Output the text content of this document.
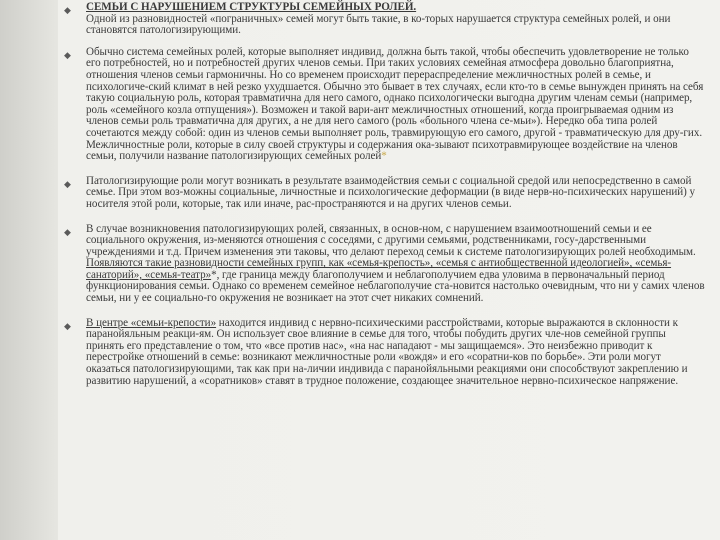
◆ СЕМЬИ С НАРУШЕНИЕМ СТРУКТУРЫ СЕМЕЙНЫХ РОЛЕЙ.
Одной из разновидностей «пограничных» семей могут быть такие, в ко-торых нарушается структура семейных ролей, и они становятся патологизирующими.

◆ Обычно система семейных ролей, которые выполняет индивид, должна быть такой, чтобы обеспечить удовлетворение не только его потребностей, но и потребностей других членов семьи. При таких условиях семейная атмосфера довольно благоприятна, отношения членов семьи гармоничны. Но со временем происходит перераспределение межличностных ролей в семье, и психологиче-ский климат в ней резко ухудшается. Обычно это бывает в тех случаях, если кто-то в семье вынужден принять на себя такую социальную роль, которая травматична для него самого, однако психологически выгодна другим членам семьи (например, роль «семейного козла отпущения»). Возможен и такой вари-ант межличностных отношений, когда проигрываемая одним из членов семьи роль травматична для других, а не для него самого (роль «больного члена се-мьи»). Нередко оба типа ролей сочетаются между собой: один из членов семьи выполняет роль, травмирующую его самого, другой - травматическую для дру-гих. Межличностные роли, которые в силу своей структуры и содержания ока-зывают психотравмирующее воздействие на членов семьи, получили название патологизирующих семейных ролей*

◆ Патологизирующие роли могут возникать в результате взаимодействия семьи с социальной средой или непосредственно в самой семье. При этом воз-можны социальные, личностные и психологические деформации (в виде нерв-но-психических нарушений) у носителя этой роли, которые, так или иначе, рас-пространяются и на других членов семьи.

◆ В случае возникновения патологизирующих ролей, связанных, в основ-ном, с нарушением взаимоотношений семьи и ее социального окружения, из-меняются отношения с соседями, с другими семьями, родственниками, госу-дарственными учреждениями и т.д. Причем изменения эти таковы, что делают переход семьи к системе патологизирующих ролей необходимым. Появляются такие разновидности семейных групп, как «семья-крепость», «семья с антиобщественной идеологией», «семья-санаторий», «семья-театр»*, где граница между благополучием и неблагополучием едва уловима в первоначальный период функционирования семьи. Однако со временем семейное неблагополучие ста-новится настолько очевидным, что ни у самих членов семьи, ни у ее социально-го окружения не возникает на этот счет никаких сомнений.

◆ В центре «семьи-крепости» находится индивид с нервно-психическими расстройствами, которые выражаются в склонности к паранойяльным реакци-ям. Он использует свое влияние в семье для того, чтобы побудить других чле-нов семейной группы принять его представление о том, что «все против нас», «на нас нападают - мы защищаемся». Это неизбежно приводит к перестройке отношений в семье: возникают межличностные роли «вождя» и его «соратни-ков по борьбе». Эти роли могут оказаться патологизирующими, так как при на-личии индивида с паранойяльными реакциями они способствуют закреплению и развитию нарушений, а «соратников» ставят в трудное положение, создающее значительное нервно-психическое напряжение.
